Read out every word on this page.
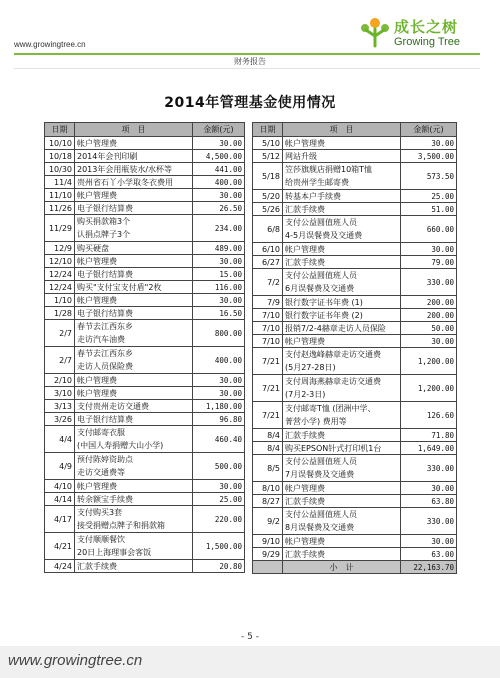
www.growingtree.cn
成长之树
Growing Tree
财务报告
2014年管理基金使用情况
日期	项　目	金额(元)
10/10	帐户管理费	30.00
10/18	2014年会刊印刷	4,500.00
10/30	2013年会用瓶装水/水杯等	441.00
11/4	贵州省石丫小学取冬衣费用	400.00
11/10	帐户管理费	30.00
11/26	电子银行结算费	26.50
11/29	购买捐款箱3个
认捐点牌子3个	234.00
12/9	购买硬盘	489.00
12/10	帐户管理费	30.00
12/24	电子银行结算费	15.00
12/24	购买"支付宝支付盾"2枚	116.00
1/10	帐户管理费	30.00
1/28	电子银行结算费	16.50
2/7	春节去江西东乡
走访汽车油费	800.00
2/7	春节去江西东乡
走访人员保险费	400.00
2/10	帐户管理费	30.00
3/10	帐户管理费	30.00
3/13	支付贵州走访交通费	1,180.00
3/26	电子银行结算费	96.80
4/4	支付邮寄衣服
(中国人寿捐赠大山小学)	460.40
4/9	预付陈婷资助点
走访交通费等	500.00
4/10	帐户管理费	30.00
4/14	转余额宝手续费	25.00
4/17	支付购买3套
接受捐赠点牌子和捐款箱	220.00
4/21	支付顺顺餐饮
20日上海理事会客饭	1,500.00
4/24	汇款手续费	20.80
日期	项　目	金额(元)
5/10	帐户管理费	30.00
5/12	网站升级	3,500.00
5/18	笠莎旗舰店捐赠10箱T恤
给贵州学生邮寄费	573.50
5/20	转基本户手续费	25.00
5/26	汇款手续费	51.00
6/8	支付公益圆值班人员
4-5月误餐费及交通费	660.00
6/10	帐户管理费	30.00
6/27	汇款手续费	79.00
7/2	支付公益圆值班人员
6月误餐费及交通费	330.00
7/9	银行数字证书年费 (1)	200.00
7/10	银行数字证书年费 (2)	200.00
7/10	报销7/2-4赫章走访人员保险	50.00
7/10	帐户管理费	30.00
7/21	支付赵逸峰赫章走访交通费
(5月27-28日)	1,200.00
7/21	支付周海燕赫章走访交通费
(7月2-3日)	1,200.00
7/21	支付邮寄T恤 (团洲中学、
菁营小学) 费用等	126.60
8/4	汇款手续费	71.80
8/4	购买EPSON针式打印机1台	1,649.00
8/5	支付公益圆值班人员
7月误餐费及交通费	330.00
8/10	帐户管理费	30.00
8/27	汇款手续费	63.80
9/2	支付公益圆值班人员
8月误餐费及交通费	330.00
9/10	帐户管理费	30.00
9/29	汇款手续费	63.00
	小　计	22,163.70
- 5 -
www.growingtree.cn
